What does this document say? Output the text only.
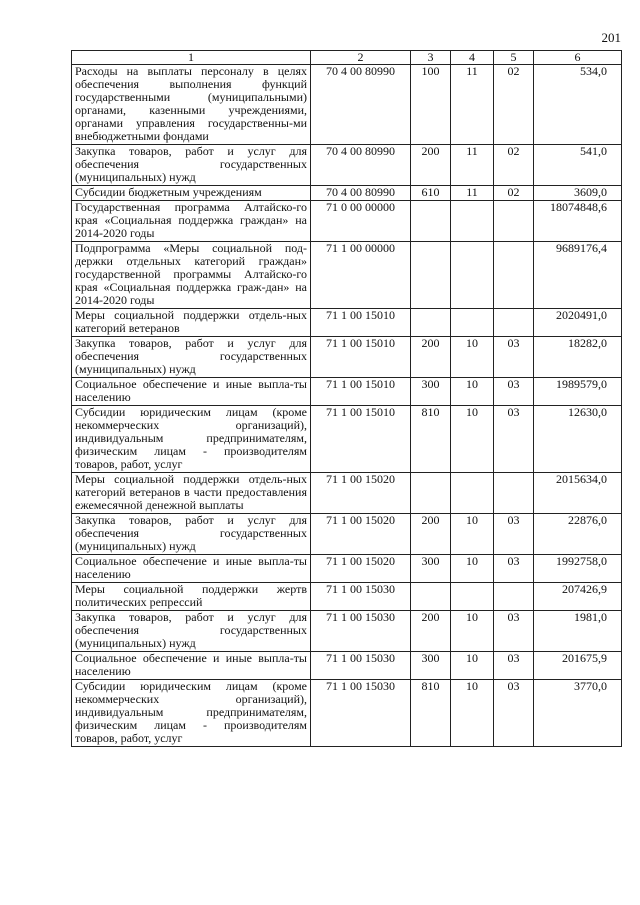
201
1	2	3	4	5	6
Расходы на выплаты персоналу в целях обеспечения выполнения функций государственными (муниципальными) органами, казенными учреждениями, органами управления государственны-ми внебюджетными фондами	70 4 00 80990	100	11	02	534,0
Закупка товаров, работ и услуг для обеспечения государственных (муниципальных) нужд	70 4 00 80990	200	11	02	541,0
Субсидии бюджетным учреждениям	70 4 00 80990	610	11	02	3609,0
Государственная программа Алтайско-го края «Социальная поддержка граждан» на 2014-2020 годы	71 0 00 00000				18074848,6
Подпрограмма «Меры социальной под-держки отдельных категорий граждан» государственной программы Алтайско-го края «Социальная поддержка граж-дан» на 2014-2020 годы	71 1 00 00000				9689176,4
Меры социальной поддержки отдель-ных категорий ветеранов	71 1 00 15010				2020491,0
Закупка товаров, работ и услуг для обеспечения государственных (муниципальных) нужд	71 1 00 15010	200	10	03	18282,0
Социальное обеспечение и иные выпла-ты населению	71 1 00 15010	300	10	03	1989579,0
Субсидии юридическим лицам (кроме некоммерческих организаций), индивидуальным предпринимателям, физическим лицам - производителям товаров, работ, услуг	71 1 00 15010	810	10	03	12630,0
Меры социальной поддержки отдель-ных категорий ветеранов в части предоставления ежемесячной денежной выплаты	71 1 00 15020				2015634,0
Закупка товаров, работ и услуг для обеспечения государственных (муниципальных) нужд	71 1 00 15020	200	10	03	22876,0
Социальное обеспечение и иные выпла-ты населению	71 1 00 15020	300	10	03	1992758,0
Меры социальной поддержки жертв политических репрессий	71 1 00 15030				207426,9
Закупка товаров, работ и услуг для обеспечения государственных (муниципальных) нужд	71 1 00 15030	200	10	03	1981,0
Социальное обеспечение и иные выпла-ты населению	71 1 00 15030	300	10	03	201675,9
Субсидии юридическим лицам (кроме некоммерческих организаций), индивидуальным предпринимателям, физическим лицам - производителям товаров, работ, услуг	71 1 00 15030	810	10	03	3770,0
